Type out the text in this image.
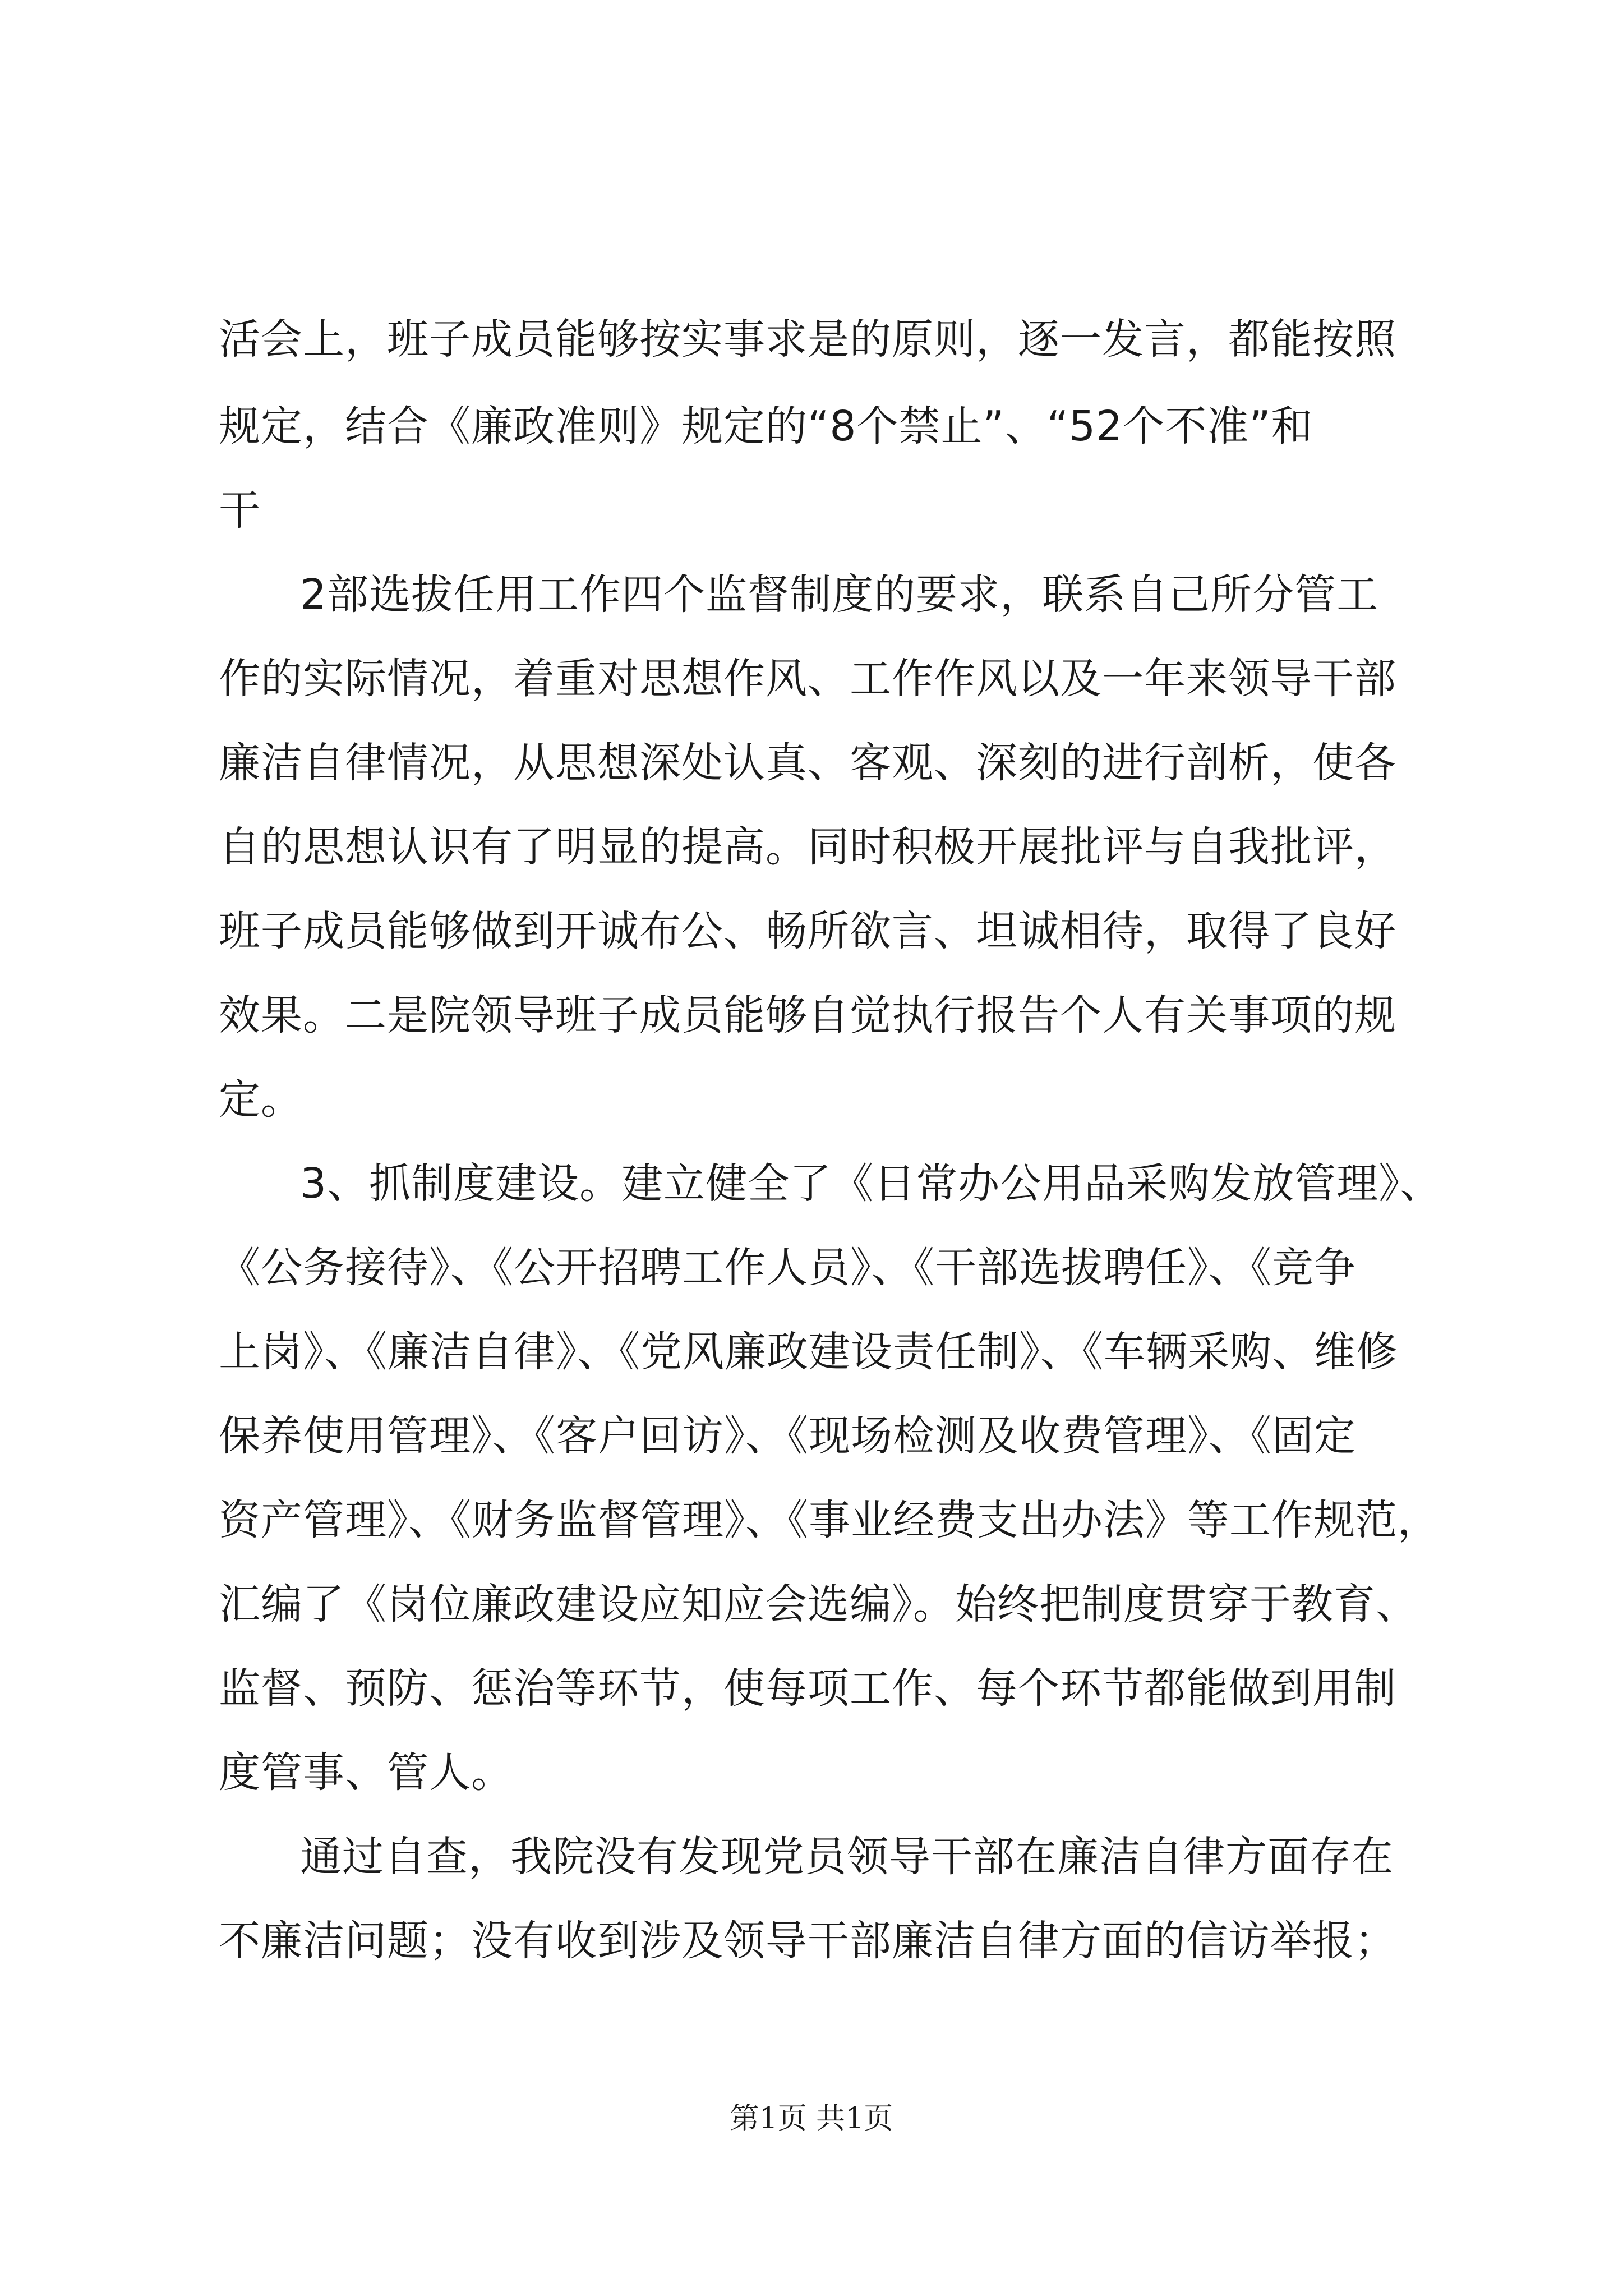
活会上，班子成员能够按实事求是的原则，逐一发言，都能按照
规定，结合《廉政准则》规定的“8个禁止”、“52个不准”和
干
2部选拔任用工作四个监督制度的要求，联系自己所分管工
作的实际情况，着重对思想作风、工作作风以及一年来领导干部
廉洁自律情况，从思想深处认真、客观、深刻的进行剖析，使各
自的思想认识有了明显的提高。同时积极开展批评与自我批评，
班子成员能够做到开诚布公、畅所欲言、坦诚相待，取得了良好
效果。二是院领导班子成员能够自觉执行报告个人有关事项的规
定。
3、抓制度建设。建立健全了《日常办公用品采购发放管理》、
《公务接待》、《公开招聘工作人员》、《干部选拔聘任》、《竞争
上岗》、《廉洁自律》、《党风廉政建设责任制》、《车辆采购、维修
保养使用管理》、《客户回访》、《现场检测及收费管理》、《固定
资产管理》、《财务监督管理》、《事业经费支出办法》等工作规范，
汇编了《岗位廉政建设应知应会选编》。始终把制度贯穿于教育、
监督、预防、惩治等环节，使每项工作、每个环节都能做到用制
度管事、管人。
通过自查，我院没有发现党员领导干部在廉洁自律方面存在
不廉洁问题；没有收到涉及领导干部廉洁自律方面的信访举报；
第1页 共1页
